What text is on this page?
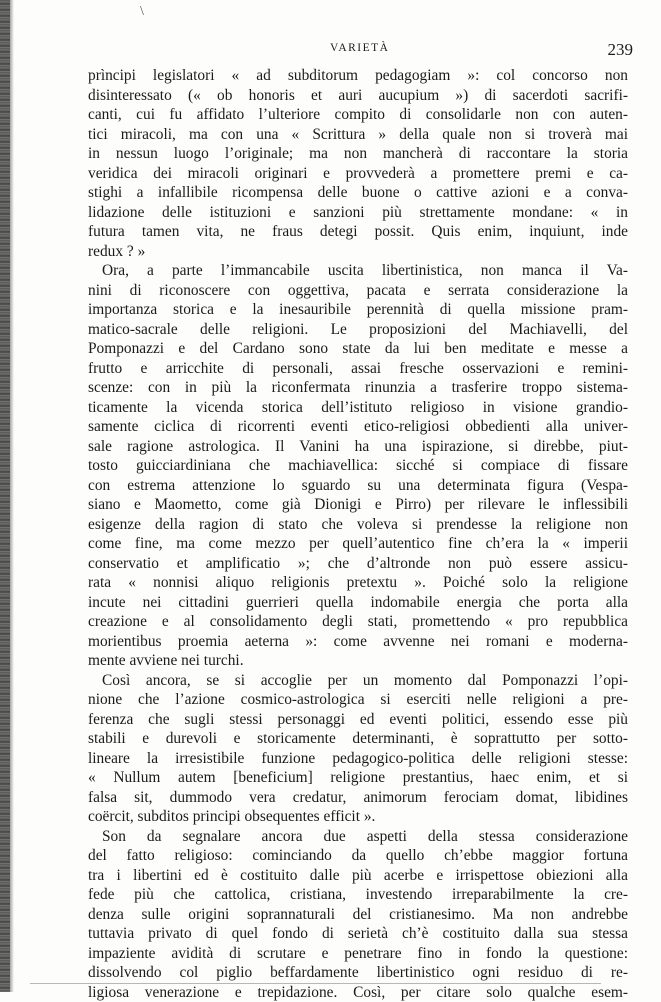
\
VARIETÀ	239
prìncipi legislatori « ad subditorum pedagogiam »: col concorso non
disinteressato (« ob honoris et auri aucupium ») di sacerdoti sacrifi-
canti, cui fu affidato l’ulteriore compito di consolidarle non con auten-
tici miracoli, ma con una « Scrittura » della quale non si troverà mai
in nessun luogo l’originale; ma non mancherà di raccontare la storia
veridica dei miracoli originari e provvederà a promettere premi e ca-
stighi a infallibile ricompensa delle buone o cattive azioni e a conva-
lidazione delle istituzioni e sanzioni più strettamente mondane: « in
futura tamen vita, ne fraus detegi possit. Quis enim, inquiunt, inde
redux ? »
Ora, a parte l’immancabile uscita libertinistica, non manca il Va-
nini di riconoscere con oggettiva, pacata e serrata considerazione la
importanza storica e la inesauribile perennità di quella missione pram-
matico-sacrale delle religioni. Le proposizioni del Machiavelli, del
Pomponazzi e del Cardano sono state da lui ben meditate e messe a
frutto e arricchite di personali, assai fresche osservazioni e remini-
scenze: con in più la riconfermata rinunzia a trasferire troppo sistema-
ticamente la vicenda storica dell’istituto religioso in visione grandio-
samente ciclica di ricorrenti eventi etico-religiosi obbedienti alla univer-
sale ragione astrologica. Il Vanini ha una ispirazione, si direbbe, piut-
tosto guicciardiniana che machiavellica: sicché si compiace di fissare
con estrema attenzione lo sguardo su una determinata figura (Vespa-
siano e Maometto, come già Dionigi e Pirro) per rilevare le inflessibili
esigenze della ragion di stato che voleva si prendesse la religione non
come fine, ma come mezzo per quell’autentico fine ch’era la « imperii
conservatio et amplificatio »; che d’altronde non può essere assicu-
rata « nonnisi aliquo religionis pretextu ». Poiché solo la religione
incute nei cittadini guerrieri quella indomabile energia che porta alla
creazione e al consolidamento degli stati, promettendo « pro repubblica
morientibus proemia aeterna »: come avvenne nei romani e moderna-
mente avviene nei turchi.
Così ancora, se si accoglie per un momento dal Pomponazzi l’opi-
nione che l’azione cosmico-astrologica si eserciti nelle religioni a pre-
ferenza che sugli stessi personaggi ed eventi politici, essendo esse più
stabili e durevoli e storicamente determinanti, è soprattutto per sotto-
lineare la irresistibile funzione pedagogico-politica delle religioni stesse:
« Nullum autem [beneficium] religione prestantius, haec enim, et si
falsa sit, dummodo vera credatur, animorum ferociam domat, libidines
coërcit, subditos principi obsequentes efficit ».
Son da segnalare ancora due aspetti della stessa considerazione
del fatto religioso: cominciando da quello ch’ebbe maggior fortuna
tra i libertini ed è costituito dalle più acerbe e irrispettose obiezioni alla
fede più che cattolica, cristiana, investendo irreparabilmente la cre-
denza sulle origini soprannaturali del cristianesimo. Ma non andrebbe
tuttavia privato di quel fondo di serietà ch’è costituito dalla sua stessa
impaziente avidità di scrutare e penetrare fino in fondo la questione:
dissolvendo col piglio beffardamente libertinistico ogni residuo di re-
ligiosa venerazione e trepidazione. Così, per citare solo qualche esem-
